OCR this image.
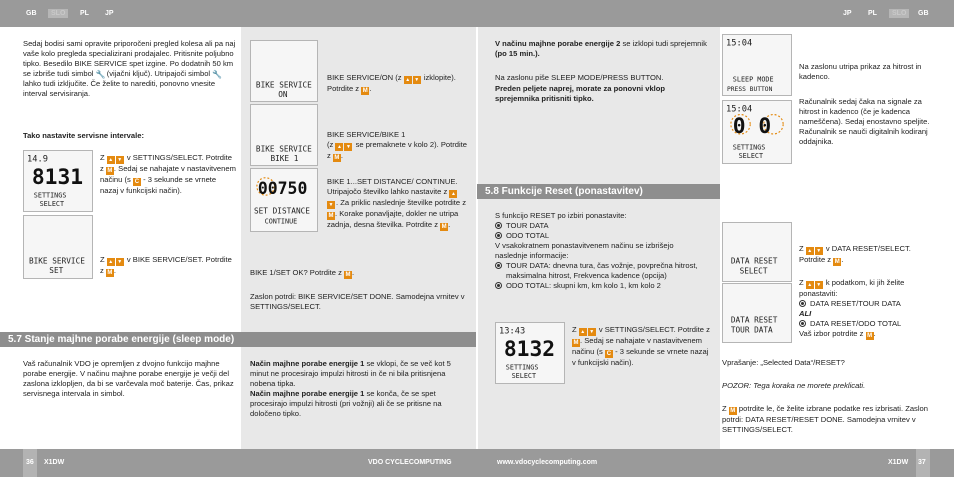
GB	SLO	PL JP	JP PL	SLO	GB
Sedaj bodisi sami opravite priporočeni pregled kolesa ali pa naj vaše kolo pregleda specializirani prodajalec. Pritisnite poljubno tipko. Besedilo BIKE SERVICE spet izgine. Po dodatnih 50 km se izbriše tudi simbol 🔧 (vijačni ključ). Utripajoči simbol 🔧 lahko tudi izključite. Če želite to narediti, ponovno vnesite interval servisiranja.
Tako nastavite servisne intervale:
14.9
8131
SETTINGS
SELECT
Z ▲ ▼ v SETTINGS/SELECT. Potrdite z M . Sedaj se nahajate v nastavitvenem načinu (s C - 3 sekunde se vrnete nazaj v funkcijski način).
BIKE SERVICE
SET
Z ▲ ▼ v BIKE SERVICE/SET. Potrdite z M .
BIKE SERVICE
ON
BIKE SERVICE/ON (z ▲ ▼ izklopite). Potrdite z M .
BIKE SERVICE
BIKE 1
BIKE SERVICE/BIKE 1
(z ▲ ▼ se premaknete v kolo 2). Potrdite z M .
00750
SET DISTANCE
CONTINUE
BIKE 1...SET DISTANCE/ CONTINUE. Utripajočo številko lahko nastavite z ▲▼ . Za priklic naslednje številke potrdite z M . Korake ponavljajte, dokler ne utripa zadnja, desna številka. Potrdite z M .
BIKE 1/SET OK? Potrdite z M .
Zaslon potrdi: BIKE SERVICE/SET DONE. Samodejna vrnitev v SETTINGS/SELECT.
5.7 Stanje majhne porabe energije (sleep mode)
Vaš računalnik VDO je opremljen z dvojno funkcijo majhne porabe energije. V načinu majhne porabe energije je večji del zaslona izklopljen, da bi se varčevala moč baterije. Čas, prikaz servisnega intervala in simbol.
Način majhne porabe energije 1 se vklopi, če se več kot 5 minut ne procesirajo impulzi hitrosti in če ni bila pritisnjena nobena tipka.
Način majhne porabe energije 1 se konča, če se spet procesirajo impulzi hitrosti (pri vožnji) ali če se pritisne na določeno tipko.
V načinu majhne porabe energije 2 se izklopi tudi sprejemnik (po 15 min.).
Na zaslonu piše SLEEP MODE/PRESS BUTTON.
Preden peljete naprej, morate za ponovni vklop sprejemnika pritisniti tipko.
5.8 Funkcije Reset (ponastavitev)
S funkcijo RESET po izbiri ponastavite:
TOUR DATA
ODO TOTAL
V vsakokratnem ponastavitvenem načinu se izbrišejo naslednje informacije:
TOUR DATA: dnevna tura, čas vožnje, povprečna hitrost, maksimalna hitrost, Frekvenca kadence (opcija)
ODO TOTAL: skupni km, km kolo 1, km kolo 2
13:43
8132
SETTINGS
SELECT
Z ▲ ▼ v SETTINGS/SELECT. Potrdite z M . Sedaj se nahajate v nastavitvenem načinu (s C - 3 sekunde se vrnete nazaj v funkcijski način).
15:04
SLEEP MODE
PRESS BUTTON
Na zaslonu utripa prikaz za hitrost in kadenco.
15:04
0 0
SETTINGS
SELECT
Računalnik sedaj čaka na signale za hitrost in kadenco (če je kadenca nameščena). Sedaj enostavno speljite. Računalnik se nauči digitalnih kodiranj oddajnika.
DATA RESET
SELECT
Z ▲ ▼ v DATA RESET/SELECT. Potrdite z M .
DATA RESET
TOUR DATA
Z ▲ ▼ k podatkom, ki jih želite ponastaviti:
DATA RESET/TOUR DATA
ALI
DATA RESET/ODO TOTAL
Vaš izbor potrdite z M .
Vprašanje: „Selected Data“/RESET?
POZOR: Tega koraka ne morete preklicati.
Z M potrdite le, če želite izbrane podatke res izbrisati. Zaslon potrdi: DATA RESET/RESET DONE. Samodejna vrnitev v SETTINGS/SELECT.
36 X1DW	VDO CYCLECOMPUTING	www.vdocyclecomputing.com	X1DW 37
